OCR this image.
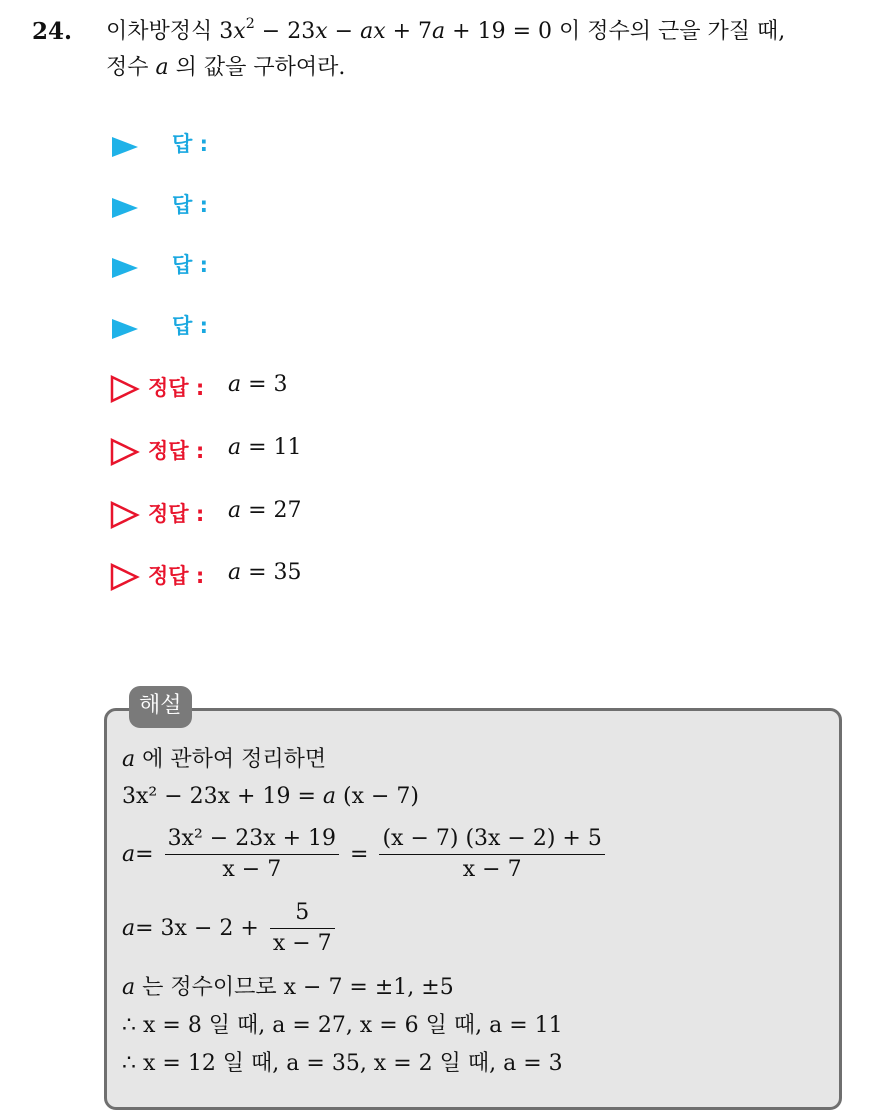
24. 이차방정식 $3x^2 - 23x$ − ax + 7a + 19 = 0 이 정수의 근을 가질 때,
정수 a 의 값을 구하여라.
답 :
답 :
답 :
답 :
정답 : a = 3
정답 : a = 11
정답 : a = 27
정답 : a = 35
해설
a 에 관하여 정리하면
3x² − 23x + 19 = a (x − 7)
$a= \frac{\text{3x² − 23x + 19}}{x - 7} = \frac{(x - 7) (3x - 2) + 5}{x - 7}$
$a= 3x - 2 + \frac{5}{x - 7}$
a 는 정수이므로 x − 7 = ±1, ±5
∴ x = 8 일 때, a = 27, x = 6 일 때, a = 11
∴ x = 12 일 때, a = 35, x = 2 일 때, a = 3
